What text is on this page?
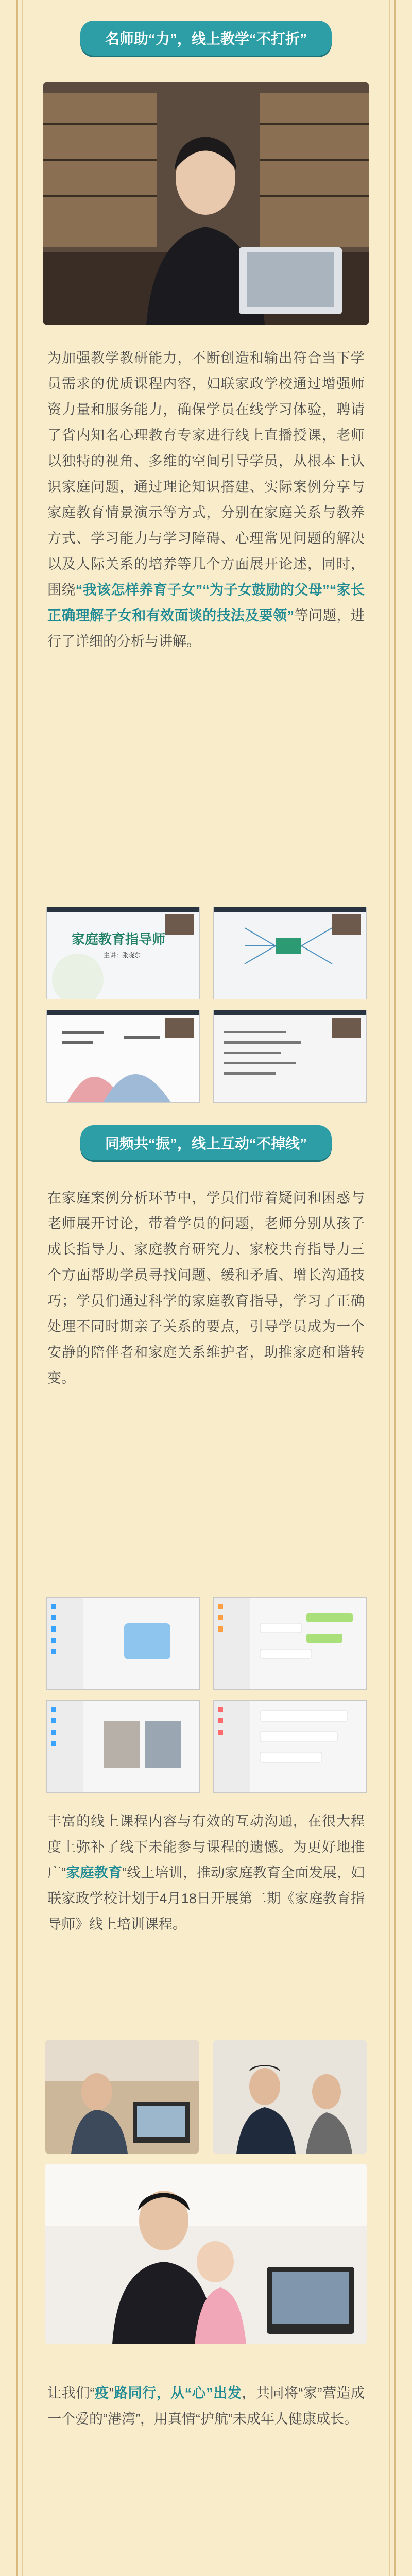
名师助“力”，线上教学“不打折”
为加强教学教研能力，不断创造和输出符合当下学员需求的优质课程内容，妇联家政学校通过增强师资力量和服务能力，确保学员在线学习体验，聘请了省内知名心理教育专家进行线上直播授课，老师以独特的视角、多维的空间引导学员，从根本上认识家庭问题，通过理论知识搭建、实际案例分享与家庭教育情景演示等方式，分别在家庭关系与教养方式、学习能力与学习障碍、心理常见问题的解决以及人际关系的培养等几个方面展开论述，同时，围绕“我该怎样养育子女”“为子女鼓励的父母”“家长正确理解子女和有效面谈的技法及要领”等问题，进行了详细的分析与讲解。
家庭教育指导师
主讲：张晓东
同频共“振”，线上互动“不掉线”
在家庭案例分析环节中，学员们带着疑问和困惑与老师展开讨论，带着学员的问题，老师分别从孩子成长指导力、家庭教育研究力、家校共育指导力三个方面帮助学员寻找问题、缓和矛盾、增长沟通技巧；学员们通过科学的家庭教育指导，学习了正确处理不同时期亲子关系的要点，引导学员成为一个安静的陪伴者和家庭关系维护者，助推家庭和谐转变。
丰富的线上课程内容与有效的互动沟通，在很大程度上弥补了线下未能参与课程的遗憾。为更好地推广“家庭教育”线上培训，推动家庭教育全面发展，妇联家政学校计划于4月18日开展第二期《家庭教育指导师》线上培训课程。
让我们“疫”路同行，从“心”出发，共同将“家”营造成一个爱的“港湾”，用真情“护航”未成年人健康成长。
